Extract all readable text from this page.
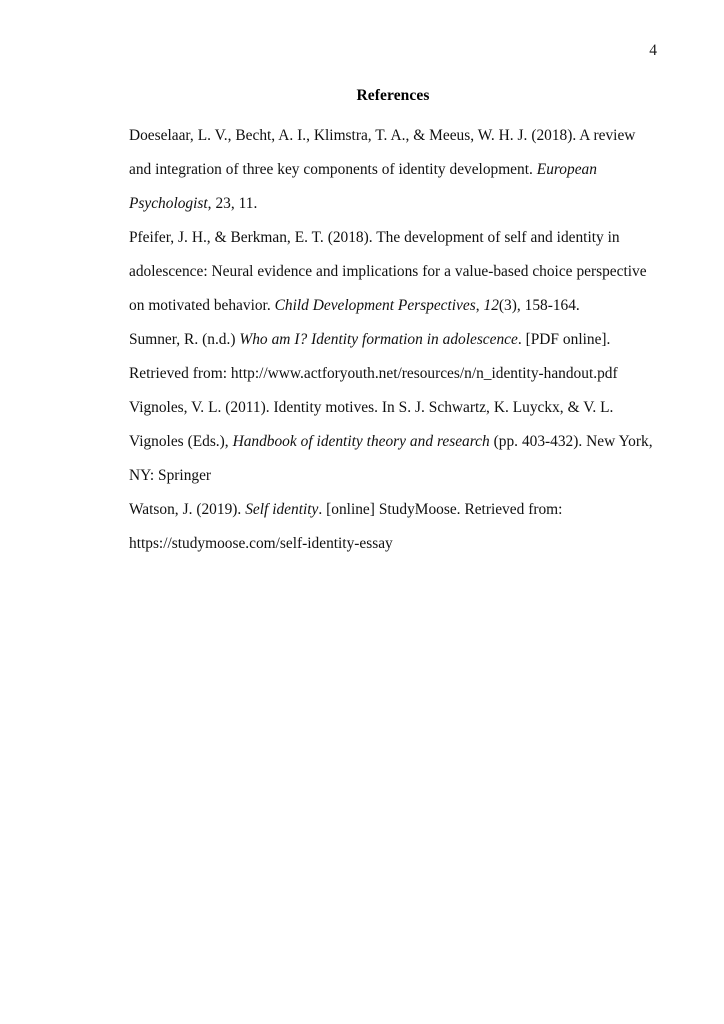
4
References

Doeselaar, L. V., Becht, A. I., Klimstra, T. A., & Meeus, W. H. J. (2018). A review and integration of three key components of identity development. European Psychologist, 23, 11.

Pfeifer, J. H., & Berkman, E. T. (2018). The development of self and identity in adolescence: Neural evidence and implications for a value-based choice perspective on motivated behavior. Child Development Perspectives, 12(3), 158-164.

Sumner, R. (n.d.) Who am I? Identity formation in adolescence. [PDF online]. Retrieved from: http://www.actforyouth.net/resources/n/n_identity-handout.pdf

Vignoles, V. L. (2011). Identity motives. In S. J. Schwartz, K. Luyckx, & V. L. Vignoles (Eds.), Handbook of identity theory and research (pp. 403-432). New York, NY: Springer

Watson, J. (2019). Self identity. [online] StudyMoose. Retrieved from: https://studymoose.com/self-identity-essay
